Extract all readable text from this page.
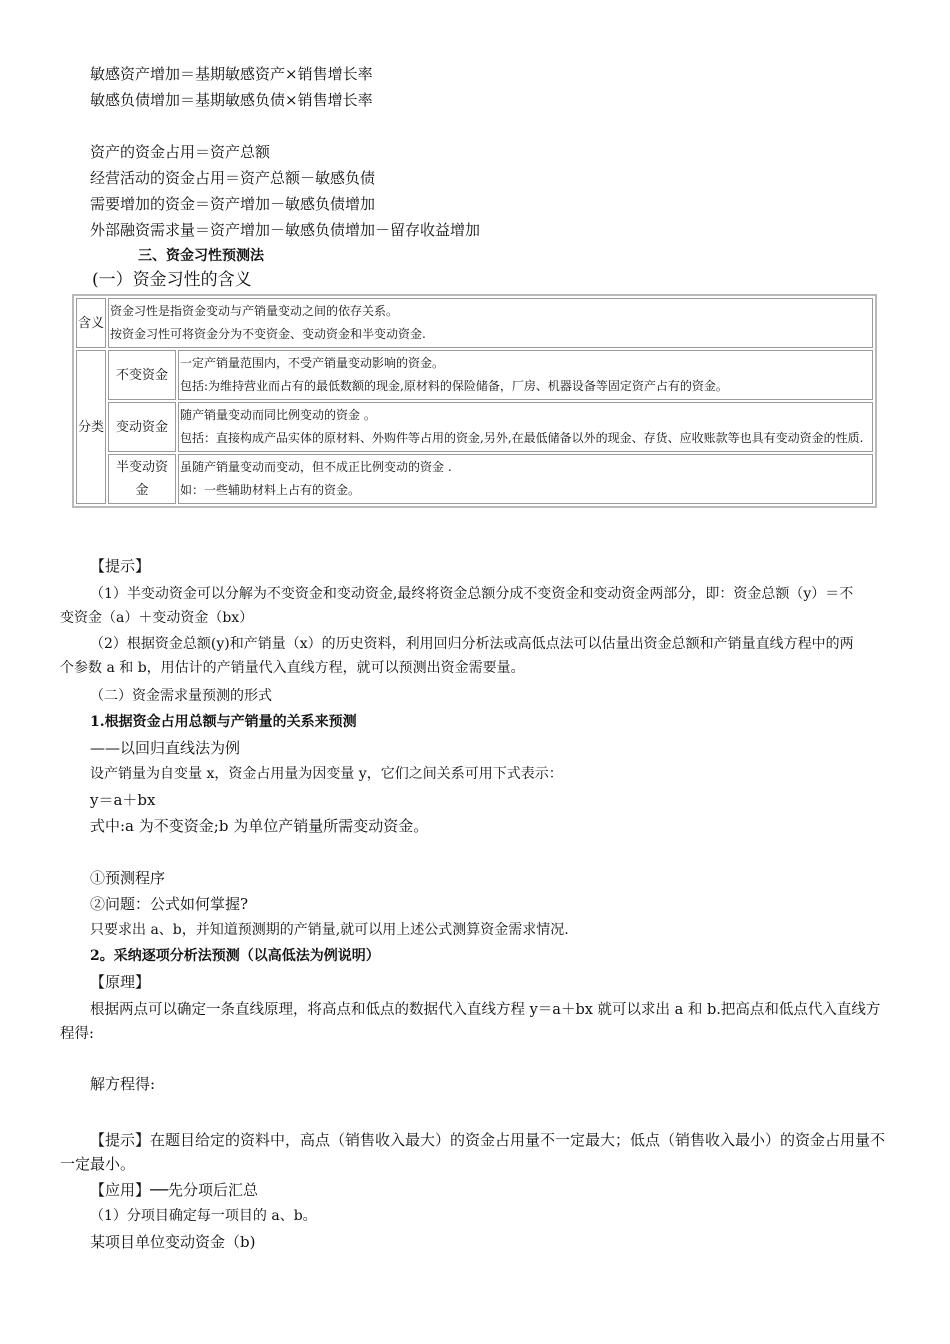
敏感资产增加＝基期敏感资产×销售增长率
敏感负债增加＝基期敏感负债×销售增长率
资产的资金占用＝资产总额
经营活动的资金占用＝资产总额－敏感负债
需要增加的资金＝资产增加－敏感负债增加
外部融资需求量＝资产增加－敏感负债增加－留存收益增加
三、资金习性预测法
(一）资金习性的含义
含义	资金习性是指资金变动与产销量变动之间的依存关系。
按资金习性可将资金分为不变资金、变动资金和半变动资金.	

分类	不变资金	一定产销量范围内，不受产销量变动影响的资金。
包括:为维持营业而占有的最低数额的现金,原材料的保险储备，厂房、机器设备等固定资产占有的资金。

	变动资金	随产销量变动而同比例变动的资金 。
包括：直接构成产品实体的原材料、外购件等占用的资金,另外,在最低储备以外的现金、存货、应收账款等也具有变动资金的性质.

	半变动资金	虽随产销量变动而变动，但不成正比例变动的资金 .
如：一些辅助材料上占有的资金。
【提示】
（1）半变动资金可以分解为不变资金和变动资金,最终将资金总额分成不变资金和变动资金两部分，即：资金总额（y）＝不变资金（a）＋变动资金（bx）
（2）根据资金总额(y)和产销量（x）的历史资料，利用回归分析法或高低点法可以估量出资金总额和产销量直线方程中的两个参数 a 和 b，用估计的产销量代入直线方程，就可以预测出资金需要量。
（二）资金需求量预测的形式
1.根据资金占用总额与产销量的关系来预测
——以回归直线法为例
设产销量为自变量 x，资金占用量为因变量 y，它们之间关系可用下式表示：
y＝a＋bx
式中:a 为不变资金;b 为单位产销量所需变动资金。
①预测程序
②问题：公式如何掌握?
只要求出 a、b，并知道预测期的产销量,就可以用上述公式测算资金需求情况.
2。采纳逐项分析法预测（以高低法为例说明）
【原理】
根据两点可以确定一条直线原理，将高点和低点的数据代入直线方程 y＝a＋bx 就可以求出 a 和 b.把高点和低点代入直线方程得:
解方程得:
【提示】在题目给定的资料中，高点（销售收入最大）的资金占用量不一定最大；低点（销售收入最小）的资金占用量不一定最小。
【应用】──先分项后汇总
（1）分项目确定每一项目的 a、b。
某项目单位变动资金（b)
